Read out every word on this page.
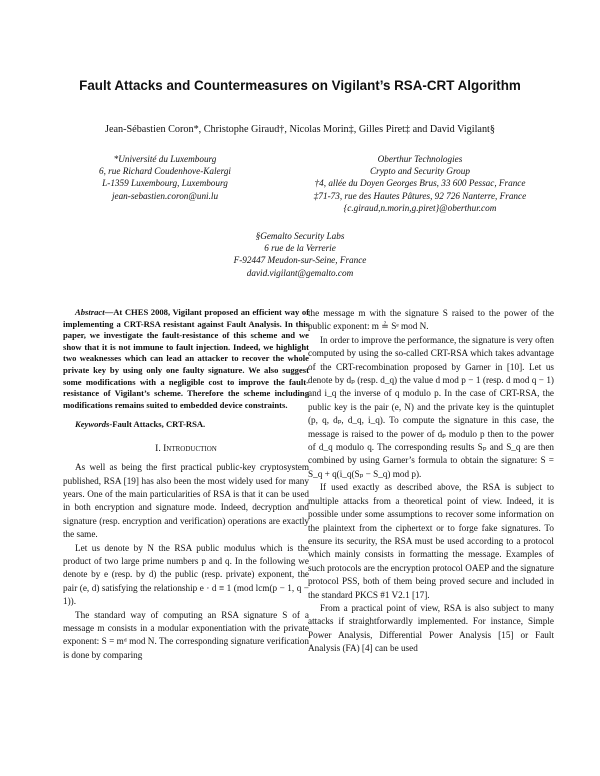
Fault Attacks and Countermeasures on Vigilant’s RSA-CRT Algorithm
Jean-Sébastien Coron*, Christophe Giraud†, Nicolas Morin‡, Gilles Piret‡ and David Vigilant§
*Université du Luxembourg
6, rue Richard Coudenhove-Kalergi
L-1359 Luxembourg, Luxembourg
jean-sebastien.coron@uni.lu
Oberthur Technologies
Crypto and Security Group
†4, allée du Doyen Georges Brus, 33 600 Pessac, France
‡71-73, rue des Hautes Pâtures, 92 726 Nanterre, France
{c.giraud,n.morin,g.piret}@oberthur.com
§Gemalto Security Labs
6 rue de la Verrerie
F-92447 Meudon-sur-Seine, France
david.vigilant@gemalto.com

Abstract—At CHES 2008, Vigilant proposed an efficient way of implementing a CRT-RSA resistant against Fault Analysis. In this paper, we investigate the fault-resistance of this scheme and we show that it is not immune to fault injection. Indeed, we highlight two weaknesses which can lead an attacker to recover the whole private key by using only one faulty signature. We also suggest some modifications with a negligible cost to improve the fault-resistance of Vigilant’s scheme. Therefore the scheme including modifications remains suited to embedded device constraints.

Keywords-Fault Attacks, CRT-RSA.
I. Introduction

As well as being the first practical public-key cryptosystem published, RSA [19] has also been the most widely used for many years. One of the main particularities of RSA is that it can be used in both encryption and signature mode. Indeed, decryption and signature (resp. encryption and verification) operations are exactly the same.

Let us denote by N the RSA public modulus which is the product of two large prime numbers p and q. In the following we denote by e (resp. by d) the public (resp. private) exponent, the pair (e, d) satisfying the relationship e · d ≡ 1 (mod lcm(p − 1, q − 1)).

The standard way of computing an RSA signature S of a message m consists in a modular exponentiation with the private exponent: S = mᵈ mod N. The corresponding signature verification is done by comparing

the message m with the signature S raised to the power of the public exponent: m ≟ Sᵉ mod N.

In order to improve the performance, the signature is very often computed by using the so-called CRT-RSA which takes advantage of the CRT-recombination proposed by Garner in [10]. Let us denote by dₚ (resp. d_q) the value d mod p − 1 (resp. d mod q − 1) and i_q the inverse of q modulo p. In the case of CRT-RSA, the public key is the pair (e, N) and the private key is the quintuplet (p, q, dₚ, d_q, i_q). To compute the signature in this case, the message is raised to the power of dₚ modulo p then to the power of d_q modulo q. The corresponding results Sₚ and S_q are then combined by using Garner’s formula to obtain the signature: S = S_q + q(i_q(Sₚ − S_q) mod p).

If used exactly as described above, the RSA is subject to multiple attacks from a theoretical point of view. Indeed, it is possible under some assumptions to recover some information on the plaintext from the ciphertext or to forge fake signatures. To ensure its security, the RSA must be used according to a protocol which mainly consists in formatting the message. Examples of such protocols are the encryption protocol OAEP and the signature protocol PSS, both of them being proved secure and included in the standard PKCS #1 V2.1 [17].

From a practical point of view, RSA is also subject to many attacks if straightforwardly implemented. For instance, Simple Power Analysis, Differential Power Analysis [15] or Fault Analysis (FA) [4] can be used
